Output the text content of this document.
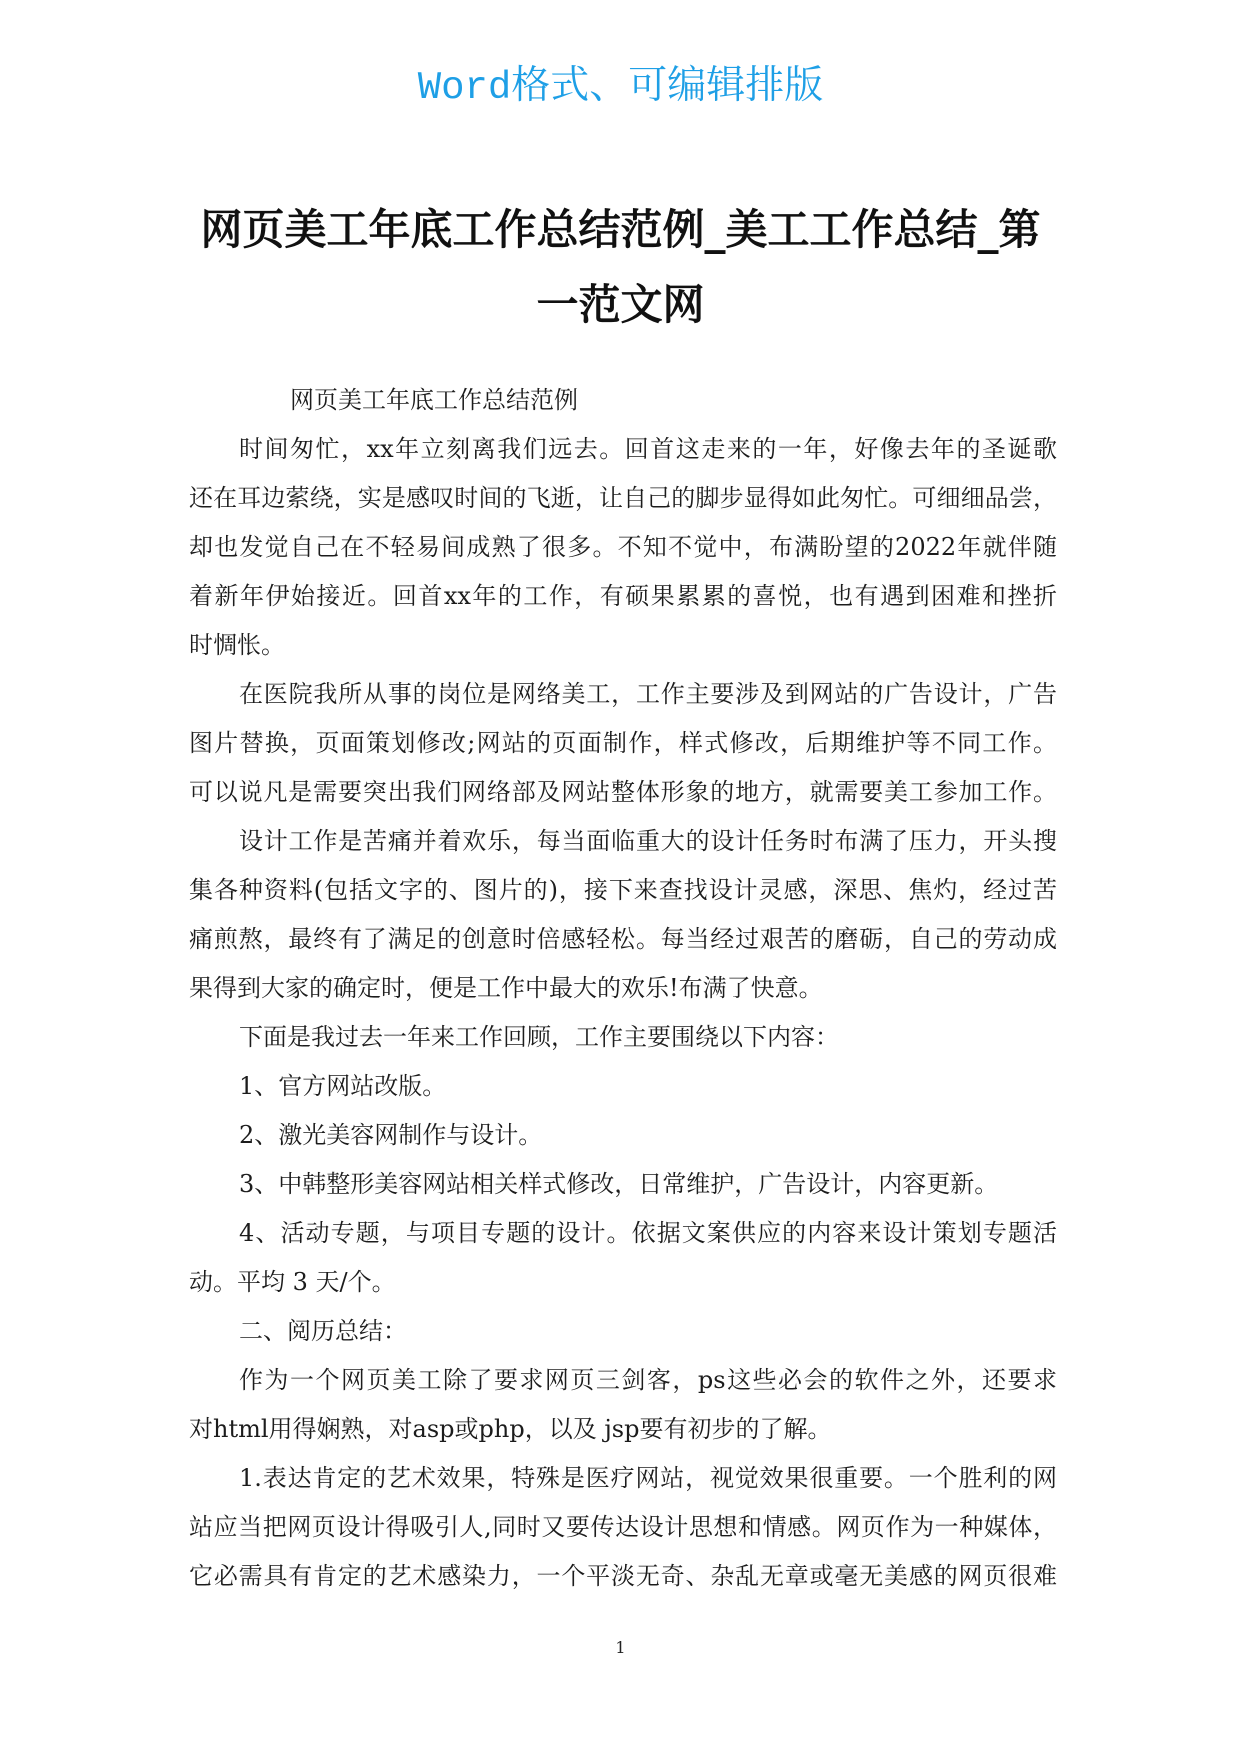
Word格式、可编辑排版
网页美工年底工作总结范例_美工工作总结_第
一范文网
网页美工年底工作总结范例
时间匆忙，xx年立刻离我们远去。回首这走来的一年，好像去年的圣诞歌
还在耳边萦绕，实是感叹时间的飞逝，让自己的脚步显得如此匆忙。可细细品尝，
却也发觉自己在不轻易间成熟了很多。不知不觉中，布满盼望的2022年就伴随
着新年伊始接近。回首xx年的工作，有硕果累累的喜悦，也有遇到困难和挫折
时惆怅。
在医院我所从事的岗位是网络美工，工作主要涉及到网站的广告设计，广告
图片替换，页面策划修改;网站的页面制作，样式修改，后期维护等不同工作。
可以说凡是需要突出我们网络部及网站整体形象的地方，就需要美工参加工作。
设计工作是苦痛并着欢乐，每当面临重大的设计任务时布满了压力，开头搜
集各种资料(包括文字的、图片的)，接下来查找设计灵感，深思、焦灼，经过苦
痛煎熬，最终有了满足的创意时倍感轻松。每当经过艰苦的磨砺，自己的劳动成
果得到大家的确定时，便是工作中最大的欢乐!布满了快意。
下面是我过去一年来工作回顾，工作主要围绕以下内容：
1、官方网站改版。
2、激光美容网制作与设计。
3、中韩整形美容网站相关样式修改，日常维护，广告设计，内容更新。
4、活动专题，与项目专题的设计。依据文案供应的内容来设计策划专题活
动。平均 3 天/个。
二、阅历总结：
作为一个网页美工除了要求网页三剑客，ps这些必会的软件之外，还要求
对html用得娴熟，对asp或php，以及 jsp要有初步的了解。
1.表达肯定的艺术效果，特殊是医疗网站，视觉效果很重要。一个胜利的网
站应当把网页设计得吸引人,同时又要传达设计思想和情感。网页作为一种媒体，
它必需具有肯定的艺术感染力，一个平淡无奇、杂乱无章或毫无美感的网页很难
1
